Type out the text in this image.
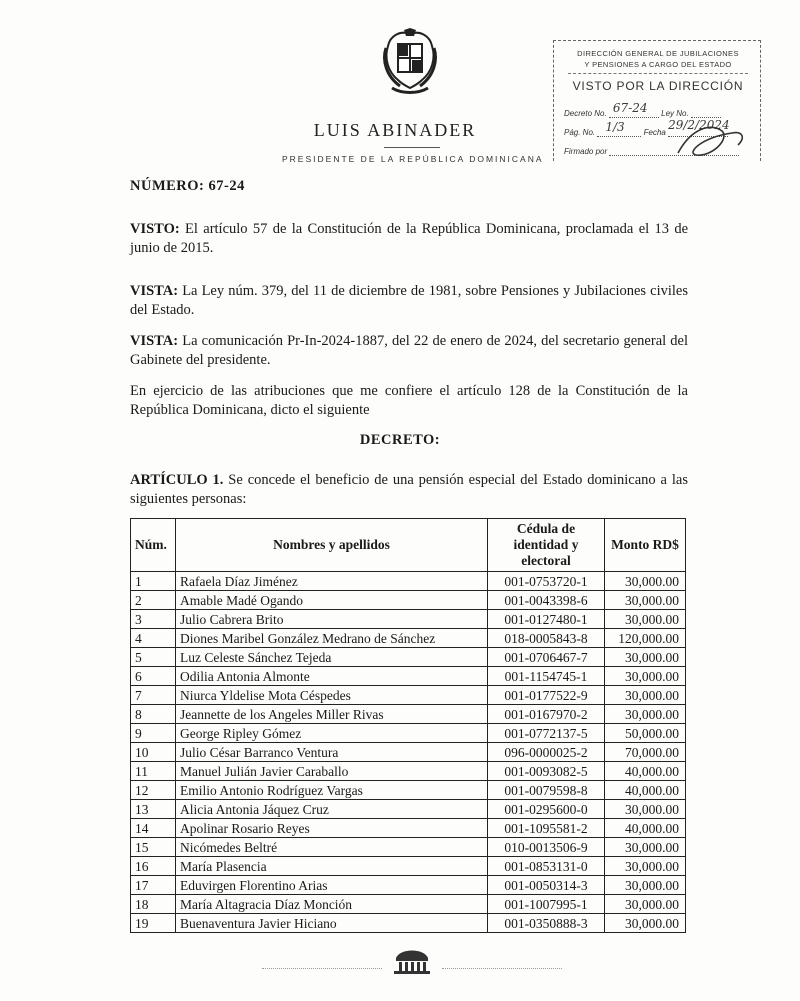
LUIS ABINADER
PRESIDENTE DE LA REPÚBLICA DOMINICANA
DIRECCIÓN GENERAL DE JUBILACIONES
Y PENSIONES A CARGO DEL ESTADO
VISTO POR LA DIRECCIÓN
Decreto No. 67-24 Ley No.
Pág. No. 1/3 Fecha
29/2/2024
Firmado por
NÚMERO: 67-24
VISTO: El artículo 57 de la Constitución de la República Dominicana, proclamada el 13 de junio de 2015.
VISTA: La Ley núm. 379, del 11 de diciembre de 1981, sobre Pensiones y Jubilaciones civiles del Estado.
VISTA: La comunicación Pr-In-2024-1887, del 22 de enero de 2024, del secretario general del Gabinete del presidente.
En ejercicio de las atribuciones que me confiere el artículo 128 de la Constitución de la República Dominicana, dicto el siguiente
DECRETO:
ARTÍCULO 1. Se concede el beneficio de una pensión especial del Estado dominicano a las siguientes personas:
Núm.	Nombres y apellidos	Cédula de identidad y electoral	Monto RD$
1	Rafaela Díaz Jiménez	001-0753720-1	30,000.00
2	Amable Madé Ogando	001-0043398-6	30,000.00
3	Julio Cabrera Brito	001-0127480-1	30,000.00
4	Diones Maribel González Medrano de Sánchez	018-0005843-8	120,000.00
5	Luz Celeste Sánchez Tejeda	001-0706467-7	30,000.00
6	Odilia Antonia Almonte	001-1154745-1	30,000.00
7	Niurca Yldelise Mota Céspedes	001-0177522-9	30,000.00
8	Jeannette de los Angeles Miller Rivas	001-0167970-2	30,000.00
9	George Ripley Gómez	001-0772137-5	50,000.00
10	Julio César Barranco Ventura	096-0000025-2	70,000.00
11	Manuel Julián Javier Caraballo	001-0093082-5	40,000.00
12	Emilio Antonio Rodríguez Vargas	001-0079598-8	40,000.00
13	Alicia Antonia Jáquez Cruz	001-0295600-0	30,000.00
14	Apolinar Rosario Reyes	001-1095581-2	40,000.00
15	Nicómedes Beltré	010-0013506-9	30,000.00
16	María Plasencia	001-0853131-0	30,000.00
17	Eduvirgen Florentino Arias	001-0050314-3	30,000.00
18	María Altagracia Díaz Monción	001-1007995-1	30,000.00
19	Buenaventura Javier Hiciano	001-0350888-3	30,000.00
